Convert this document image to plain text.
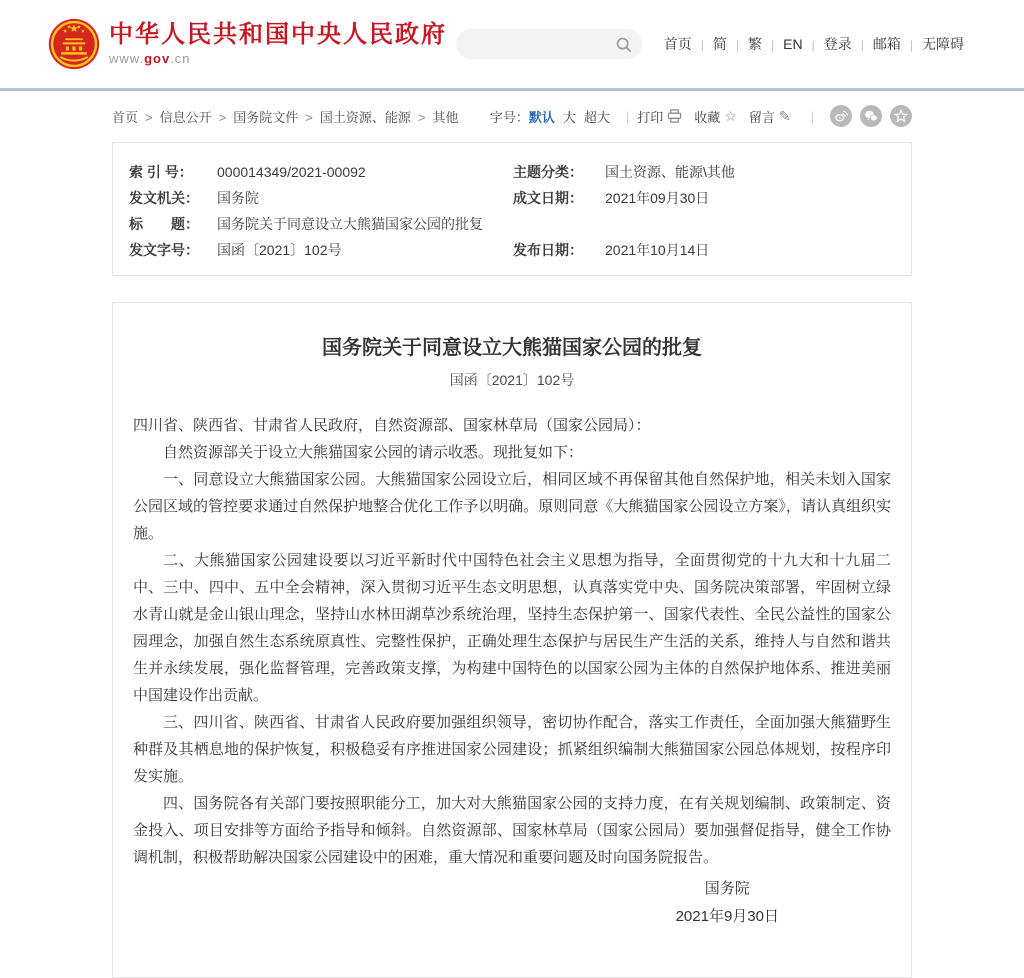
中华人民共和国中央人民政府
www.gov.cn
首页 |	简 |	繁 |	EN |	登录 |	邮箱 |	无障碍
首页	> 信息公开	> 国务院文件	> 国土资源、能源	> 其他 字号： 默认 大 超大 | 打印 收藏 ☆ 留言 ✎ |
索 引 号：	000014349/2021-00092	主题分类：	国土资源、能源\其他
发文机关：	国务院	成文日期：	2021年09月30日
标　　题：	国务院关于同意设立大熊猫国家公园的批复
发文字号：	国函〔2021〕102号	发布日期：	2021年10月14日
国务院关于同意设立大熊猫国家公园的批复
国函〔2021〕102号

四川省、陕西省、甘肃省人民政府，自然资源部、国家林草局（国家公园局）：

自然资源部关于设立大熊猫国家公园的请示收悉。现批复如下：

一、同意设立大熊猫国家公园。大熊猫国家公园设立后，相同区域不再保留其他自然保护地，相关未划入国家公园区域的管控要求通过自然保护地整合优化工作予以明确。原则同意《大熊猫国家公园设立方案》，请认真组织实施。

二、大熊猫国家公园建设要以习近平新时代中国特色社会主义思想为指导，全面贯彻党的十九大和十九届二中、三中、四中、五中全会精神，深入贯彻习近平生态文明思想，认真落实党中央、国务院决策部署，牢固树立绿水青山就是金山银山理念，坚持山水林田湖草沙系统治理，坚持生态保护第一、国家代表性、全民公益性的国家公园理念，加强自然生态系统原真性、完整性保护，正确处理生态保护与居民生产生活的关系，维持人与自然和谐共生并永续发展，强化监督管理，完善政策支撑，为构建中国特色的以国家公园为主体的自然保护地体系、推进美丽中国建设作出贡献。

三、四川省、陕西省、甘肃省人民政府要加强组织领导，密切协作配合，落实工作责任，全面加强大熊猫野生种群及其栖息地的保护恢复，积极稳妥有序推进国家公园建设；抓紧组织编制大熊猫国家公园总体规划，按程序印发实施。

四、国务院各有关部门要按照职能分工，加大对大熊猫国家公园的支持力度，在有关规划编制、政策制定、资金投入、项目安排等方面给予指导和倾斜。自然资源部、国家林草局（国家公园局）要加强督促指导，健全工作协调机制，积极帮助解决国家公园建设中的困难，重大情况和重要问题及时向国务院报告。

国务院
2021年9月30日
